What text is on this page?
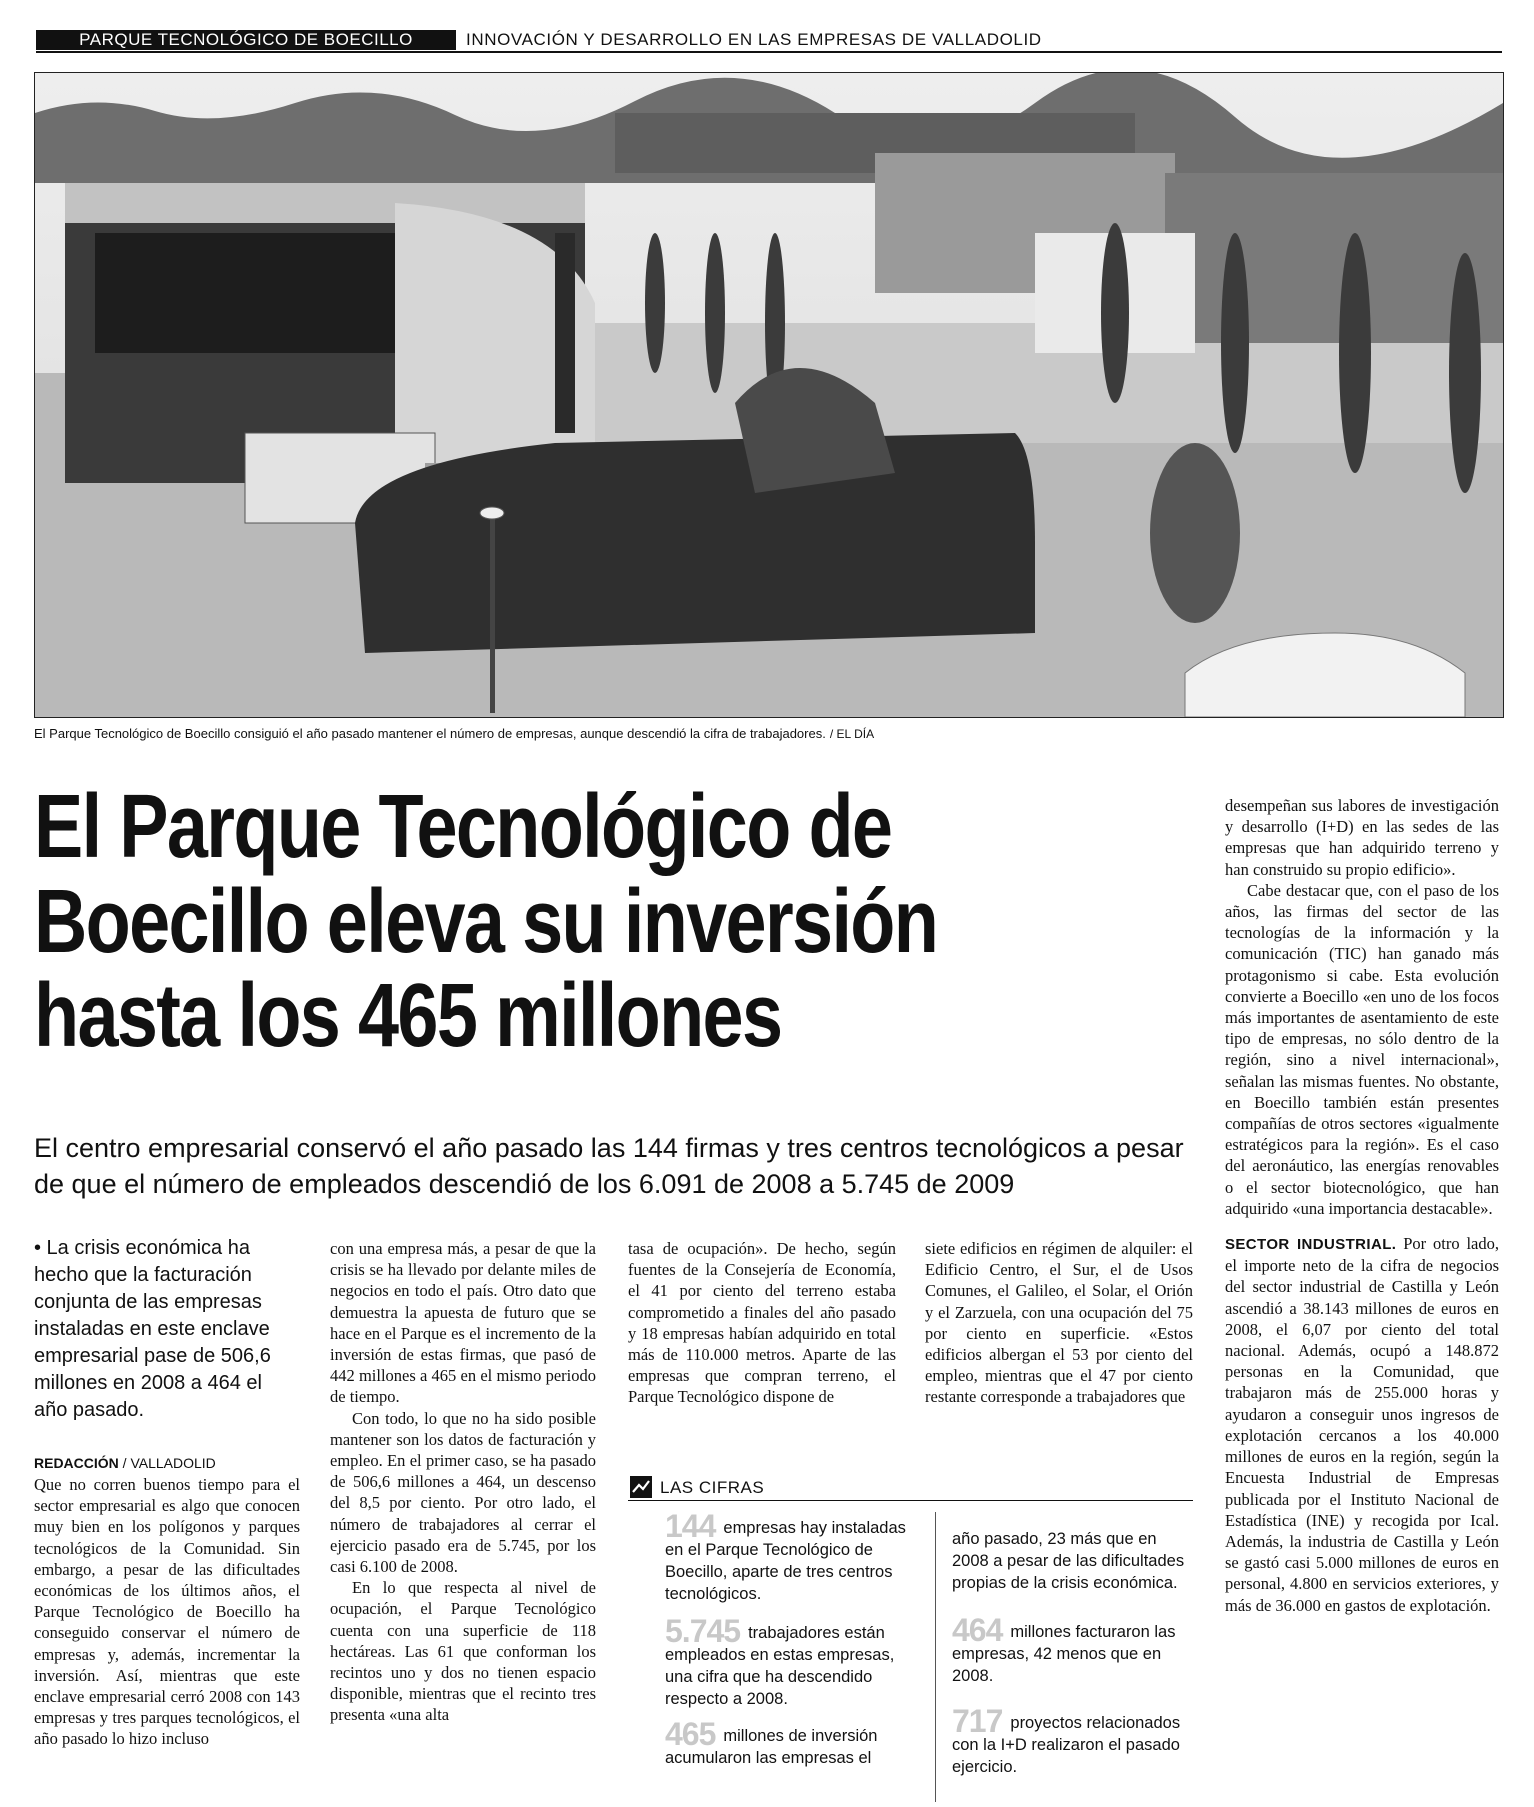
PARQUE TECNOLÓGICO DE BOECILLO	INNOVACIÓN Y DESARROLLO EN LAS EMPRESAS DE VALLADOLID
El Parque Tecnológico de Boecillo consiguió el año pasado mantener el número de empresas, aunque descendió la cifra de trabajadores. / EL DÍA
El Parque Tecnológico de
Boecillo eleva su inversión
hasta los 465 millones
El centro empresarial conservó el año pasado las 144 firmas y tres centros tecnológicos a pesar de que el número de empleados descendió de los 6.091 de 2008 a 5.745 de 2009
• La crisis económica ha hecho que la facturación conjunta de las empresas instaladas en este enclave empresarial pase de 506,6 millones en 2008 a 464 el año pasado.
REDACCIÓN / VALLADOLID

Que no corren buenos tiempo para el sector empresarial es algo que conocen muy bien en los polígonos y parques tecnológicos de la Comunidad. Sin embargo, a pesar de las dificultades económicas de los últimos años, el Parque Tecnológico de Boecillo ha conseguido conservar el número de empresas y, además, incrementar la inversión. Así, mientras que este enclave empresarial cerró 2008 con 143 empresas y tres parques tecnológicos, el año pasado lo hizo incluso

con una empresa más, a pesar de que la crisis se ha llevado por delante miles de negocios en todo el país. Otro dato que demuestra la apuesta de futuro que se hace en el Parque es el incremento de la inversión de estas firmas, que pasó de 442 millones a 465 en el mismo periodo de tiempo.

Con todo, lo que no ha sido posible mantener son los datos de facturación y empleo. En el primer caso, se ha pasado de 506,6 millones a 464, un descenso del 8,5 por ciento. Por otro lado, el número de trabajadores al cerrar el ejercicio pasado era de 5.745, por los casi 6.100 de 2008.

En lo que respecta al nivel de ocupación, el Parque Tecnológico cuenta con una superficie de 118 hectáreas. Las 61 que conforman los recintos uno y dos no tienen espacio disponible, mientras que el recinto tres presenta «una alta

tasa de ocupación». De hecho, según fuentes de la Consejería de Economía, el 41 por ciento del terreno estaba comprometido a finales del año pasado y 18 empresas habían adquirido en total más de 110.000 metros. Aparte de las empresas que compran terreno, el Parque Tecnológico dispone de

siete edificios en régimen de alquiler: el Edificio Centro, el Sur, el de Usos Comunes, el Galileo, el Solar, el Orión y el Zarzuela, con una ocupación del 75 por ciento en superficie. «Estos edificios albergan el 53 por ciento del empleo, mientras que el 47 por ciento restante corresponde a trabajadores que

desempeñan sus labores de investigación y desarrollo (I+D) en las sedes de las empresas que han adquirido terreno y han construido su propio edificio».

Cabe destacar que, con el paso de los años, las firmas del sector de las tecnologías de la información y la comunicación (TIC) han ganado más protagonismo si cabe. Esta evolución convierte a Boecillo «en uno de los focos más importantes de asentamiento de este tipo de empresas, no sólo dentro de la región, sino a nivel internacional», señalan las mismas fuentes. No obstante, en Boecillo también están presentes compañías de otros sectores «igualmente estratégicos para la región». Es el caso del aeronáutico, las energías renovables o el sector biotecnológico, que han adquirido «una importancia destacable».

SECTOR INDUSTRIAL. Por otro lado, el importe neto de la cifra de negocios del sector industrial de Castilla y León ascendió a 38.143 millones de euros en 2008, el 6,07 por ciento del total nacional. Además, ocupó a 148.872 personas en la Comunidad, que trabajaron más de 255.000 horas y ayudaron a conseguir unos ingresos de explotación cercanos a los 40.000 millones de euros en la región, según la Encuesta Industrial de Empresas publicada por el Instituto Nacional de Estadística (INE) y recogida por Ical. Además, la industria de Castilla y León se gastó casi 5.000 millones de euros en personal, 4.800 en servicios exteriores, y más de 36.000 en gastos de explotación.

LAS CIFRAS
144 empresas hay instaladas en el Parque Tecnológico de Boecillo, aparte de tres centros tecnológicos.
5.745 trabajadores están empleados en estas empresas, una cifra que ha descendido respecto a 2008.
465 millones de inversión acumularon las empresas el
año pasado, 23 más que en 2008 a pesar de las dificultades propias de la crisis económica.
464 millones facturaron las empresas, 42 menos que en 2008.
717 proyectos relacionados con la I+D realizaron el pasado ejercicio.
